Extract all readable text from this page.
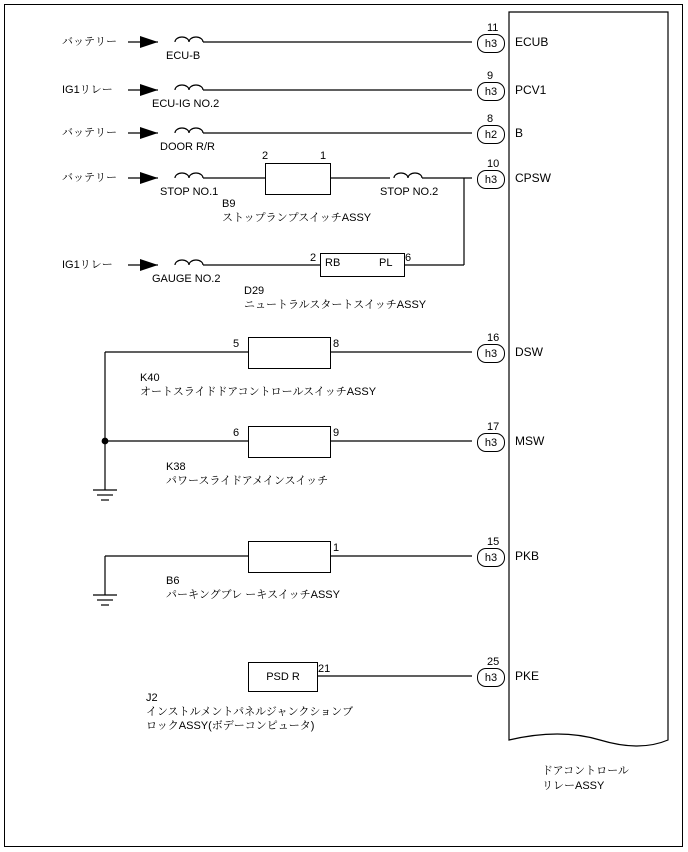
PSD R
バッテリー
IG1リレー
バッテリー
バッテリー
IG1リレー
ECU-B
ECU-IG NO.2
DOOR R/R
STOP NO.1	STOP NO.2
GAUGE NO.2
2	1
2 RB	PL 6
5	8
6	9
1
21
B9
ストップランプスイッチASSY
D29
ニュートラルスタートスイッチASSY
K40
オートスライドドアコントロールスイッチASSY
K38
パワースライドアメインスイッチ
B6
パーキングブレ ーキスイッチASSY
J2
インストルメントパネルジャンクションブ
ロックASSY(ボデーコンピュータ)
11
h3	ECUB
9
h3	PCV1
8
h2	B
10
h3	CPSW
16
h3	DSW
17
h3	MSW
15
h3	PKB
25
h3	PKE
ドアコントロール
リレーASSY
